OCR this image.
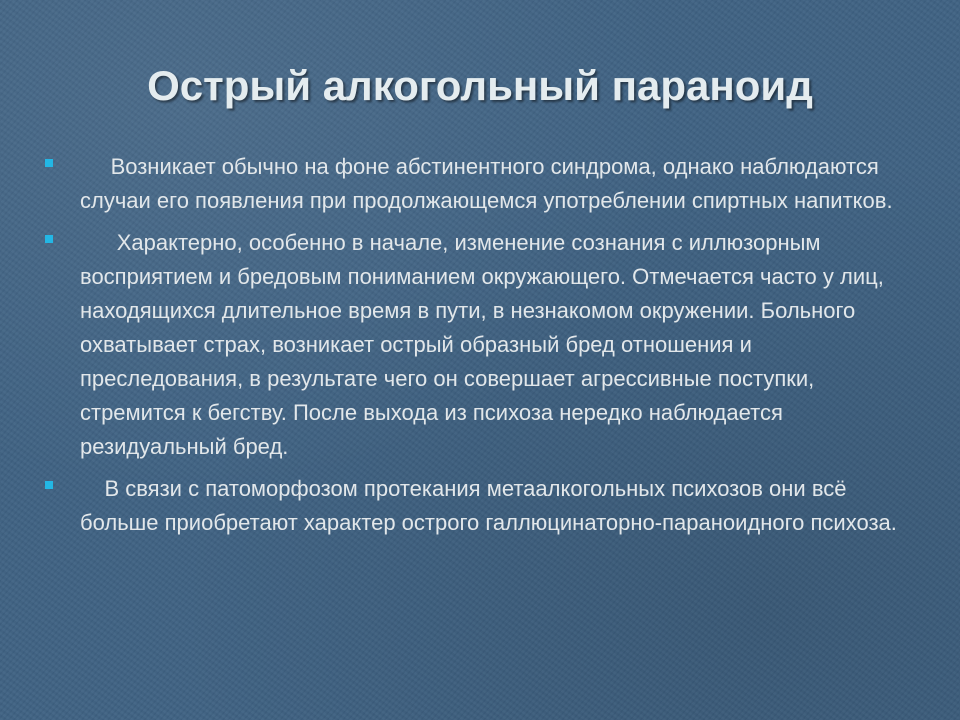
Острый алкогольный параноид
Возникает обычно на фоне абстинентного синдрома, однако наблюдаются случаи его появления при продолжающемся употреблении спиртных напитков.
Характерно, особенно в начале, изменение сознания с иллюзорным восприятием и бредовым пониманием окружающего. Отмечается часто у лиц, находящихся длительное время в пути, в незнакомом окружении. Больного охватывает страх, возникает острый образный бред отношения и преследования, в результате чего он совершает агрессивные поступки, стремится к бегству. После выхода из психоза нередко наблюдается резидуальный бред.
В связи с патоморфозом протекания метаалкогольных психозов они всё больше приобретают характер острого галлюцинаторно-параноидного психоза.
